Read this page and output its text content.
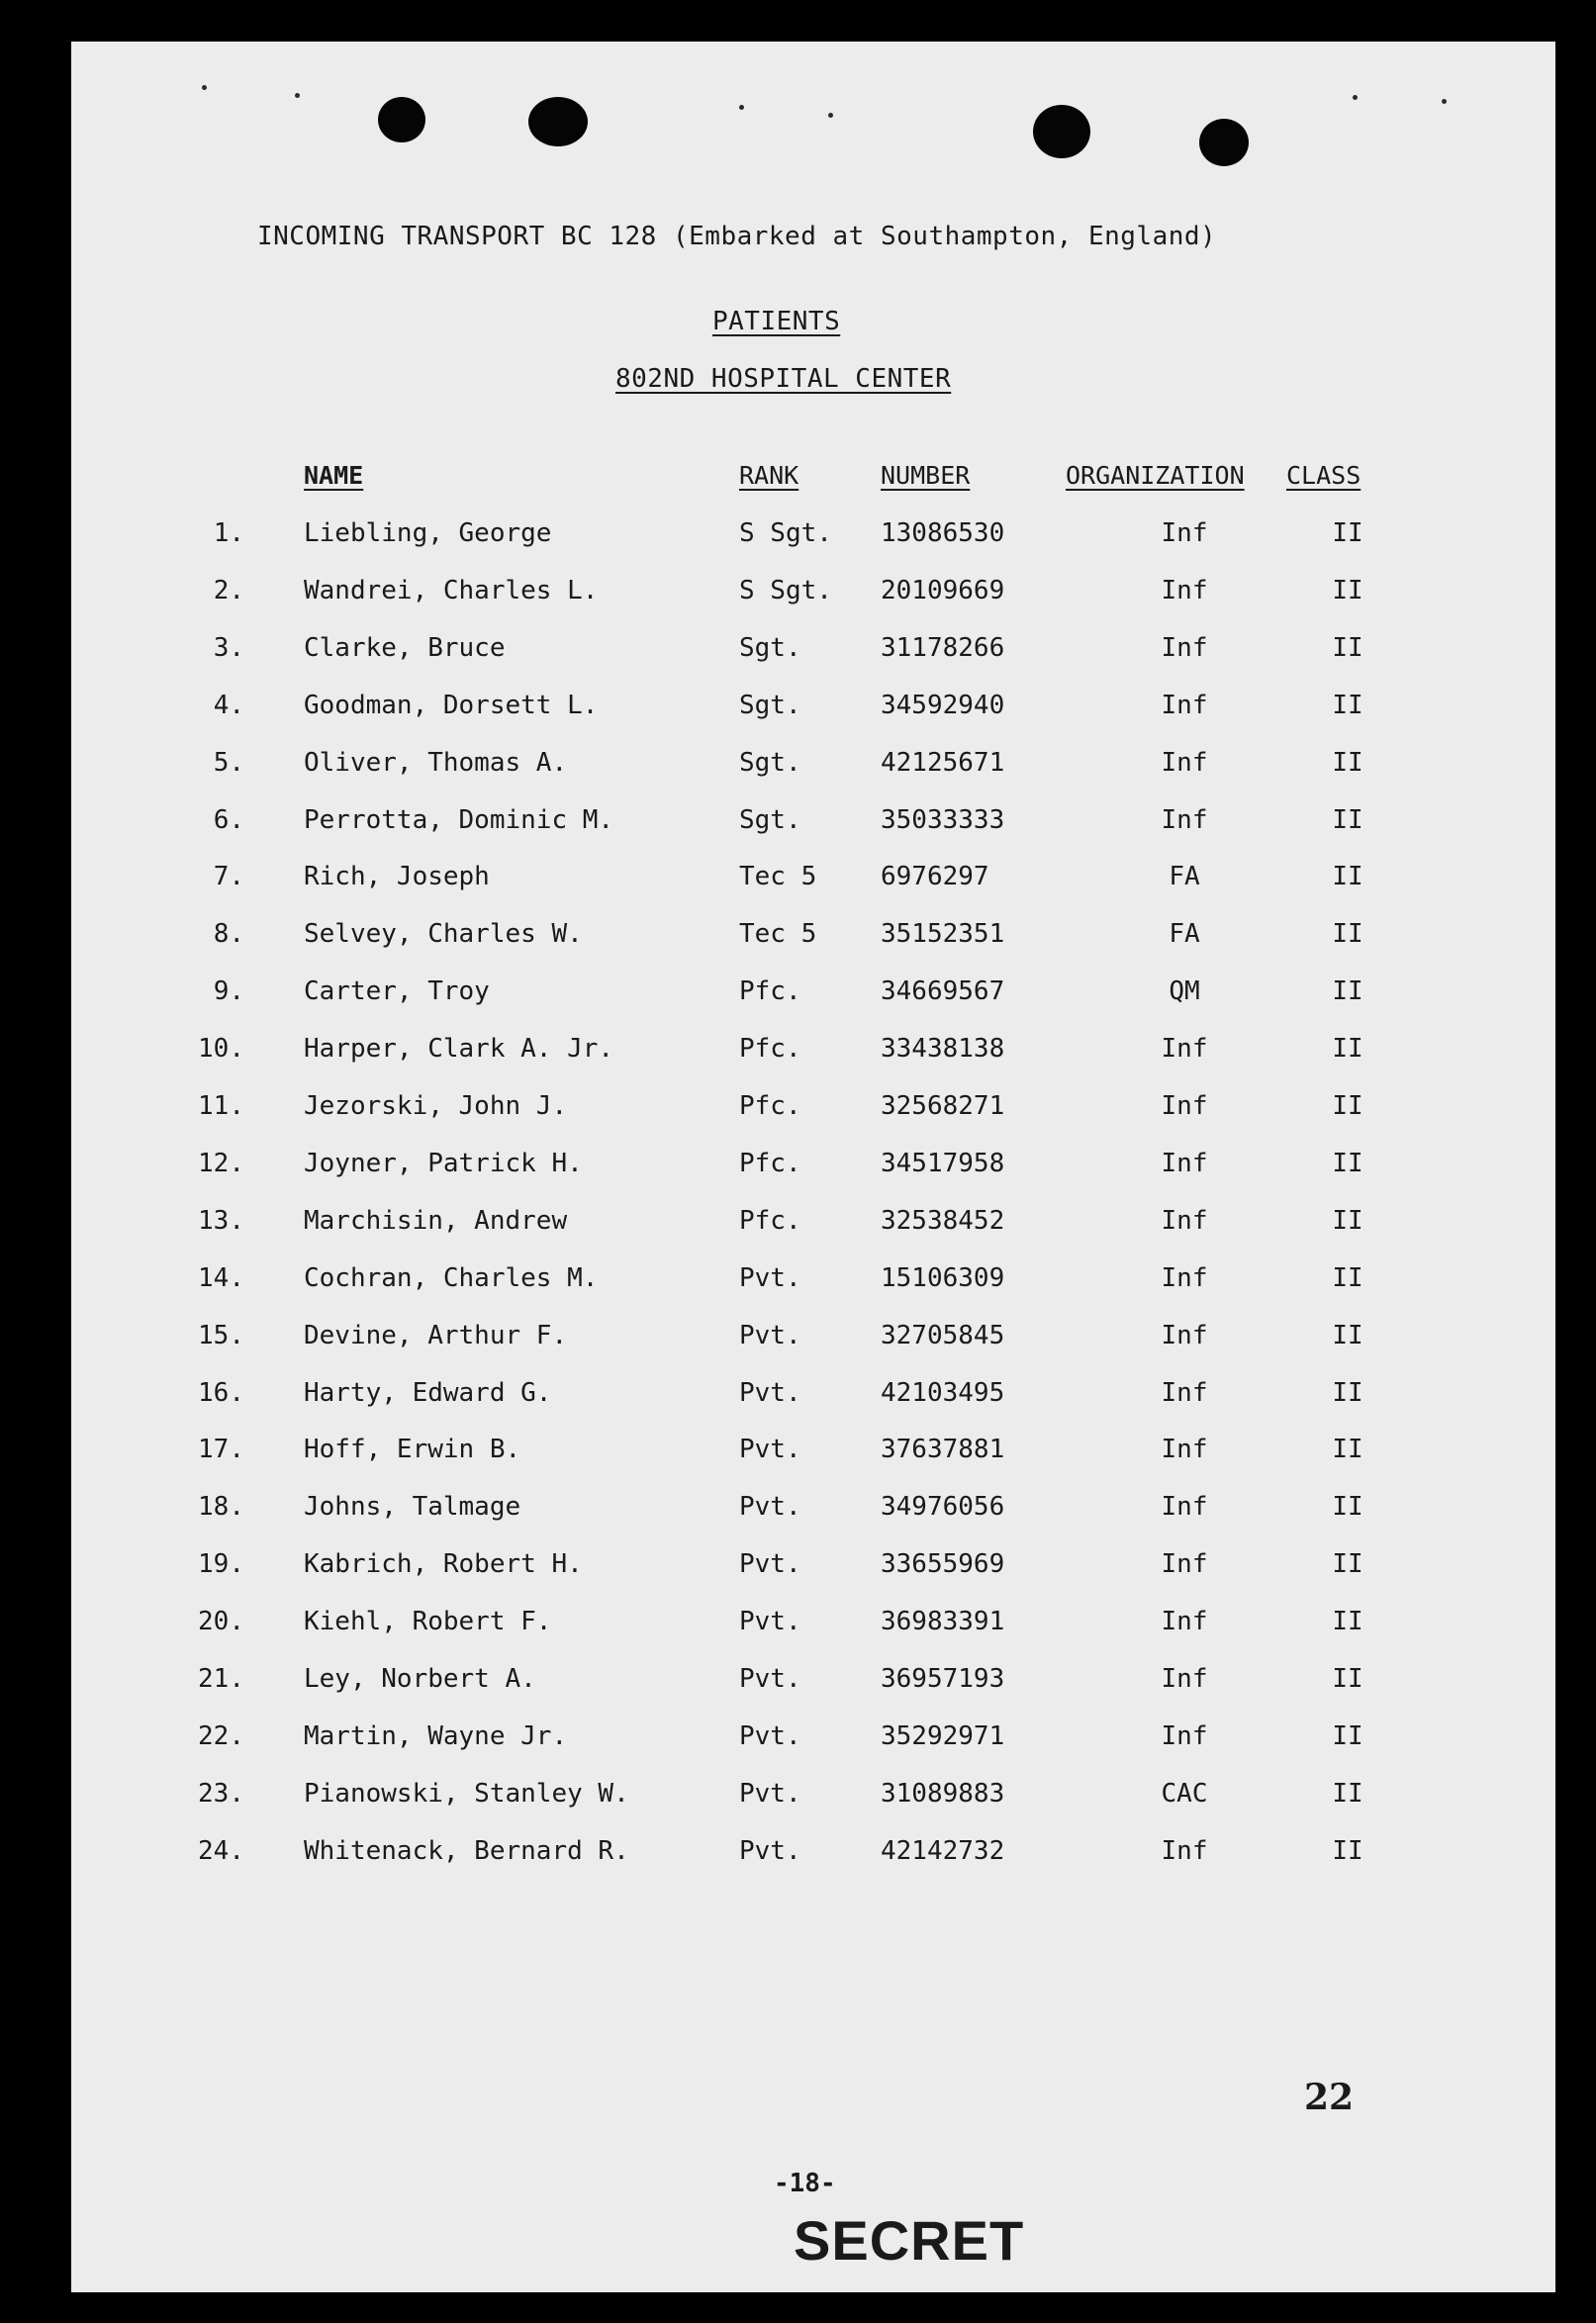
INCOMING TRANSPORT BC 128 (Embarked at Southampton, England)
PATIENTS
802ND HOSPITAL CENTER
NAME	RANK	NUMBER	ORGANIZATION CLASS
1. Liebling, George	S Sgt. 13086530	Inf	II
2. Wandrei, Charles L.	S Sgt. 20109669	Inf	II
3. Clarke, Bruce	Sgt.	31178266	Inf	II
4. Goodman, Dorsett L.	Sgt.	34592940	Inf	II
5. Oliver, Thomas A.	Sgt.	42125671	Inf	II
6. Perrotta, Dominic M.	Sgt.	35033333	Inf	II
7. Rich, Joseph	Tec 5 6976297	FA	II
8. Selvey, Charles W.	Tec 5 35152351	FA	II
9. Carter, Troy	Pfc.	34669567	QM	II
10. Harper, Clark A. Jr.	Pfc.	33438138	Inf	II
11. Jezorski, John J.	Pfc.	32568271	Inf	II
12. Joyner, Patrick H.	Pfc.	34517958	Inf	II
13. Marchisin, Andrew	Pfc.	32538452	Inf	II
14. Cochran, Charles M.	Pvt.	15106309	Inf	II
15. Devine, Arthur F.	Pvt.	32705845	Inf	II
16. Harty, Edward G.	Pvt.	42103495	Inf	II
17. Hoff, Erwin B.	Pvt.	37637881	Inf	II
18. Johns, Talmage	Pvt.	34976056	Inf	II
19. Kabrich, Robert H.	Pvt.	33655969	Inf	II
20. Kiehl, Robert F.	Pvt.	36983391	Inf	II
21. Ley, Norbert A.	Pvt.	36957193	Inf	II
22. Martin, Wayne Jr.	Pvt.	35292971	Inf	II
23. Pianowski, Stanley W.	Pvt.	31089883	CAC	II
24. Whitenack, Bernard R.	Pvt.	42142732	Inf	II
22
-18-
SECRET
